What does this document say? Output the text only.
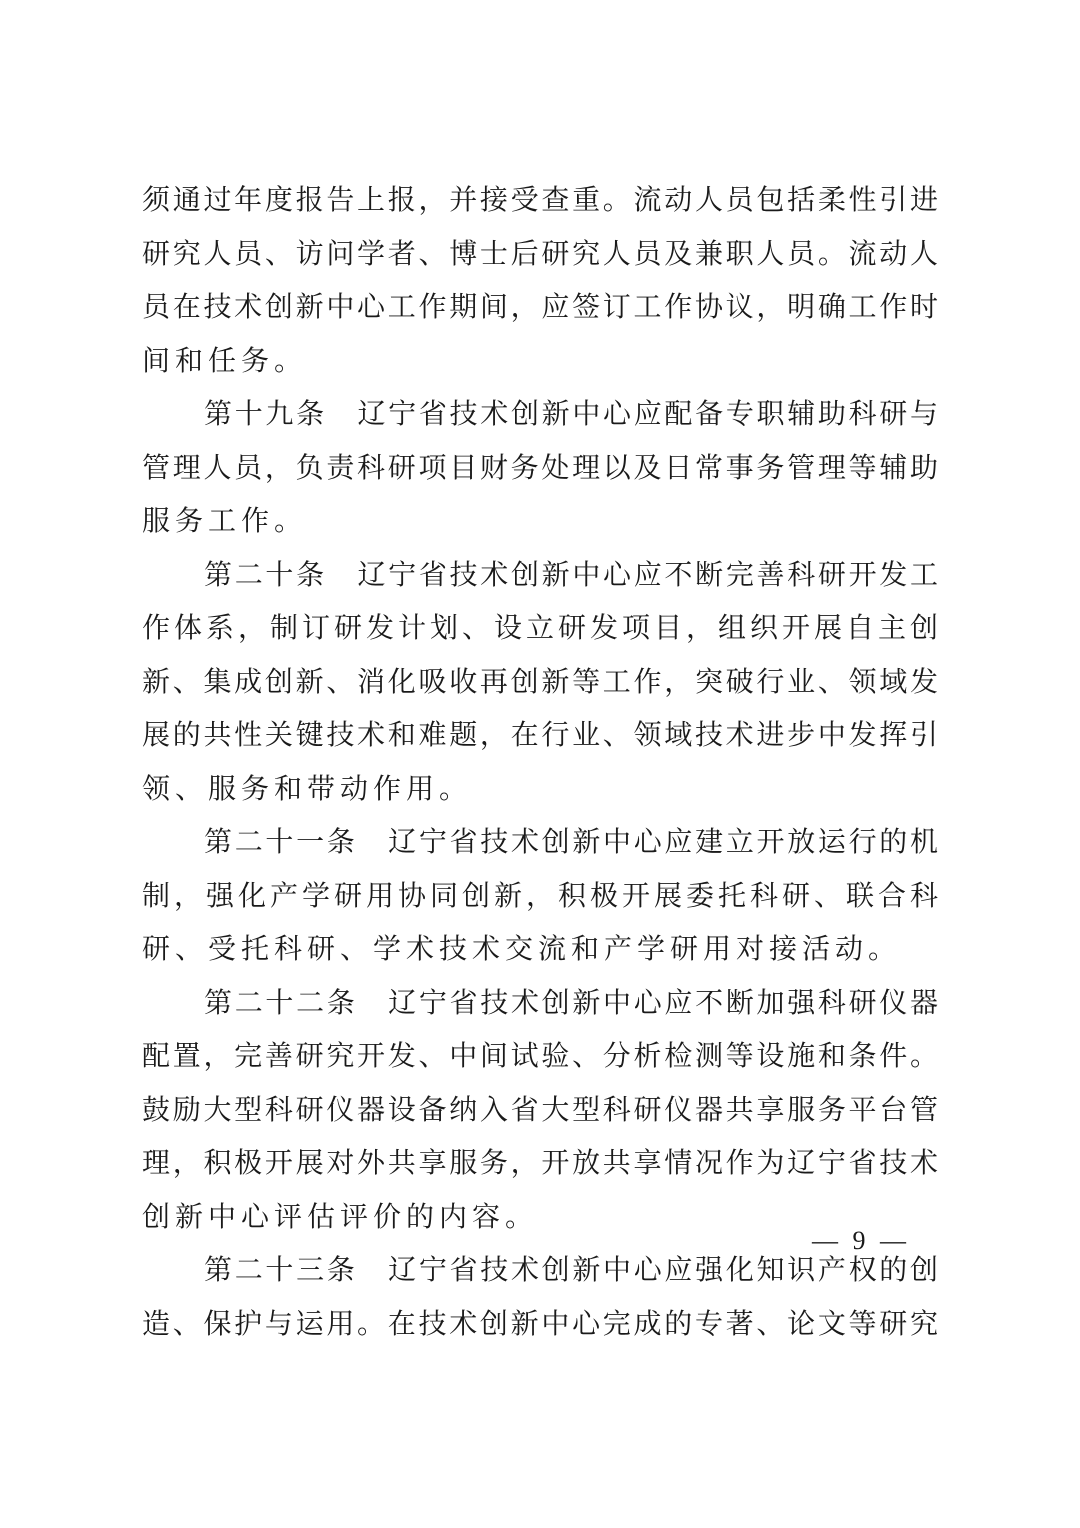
须通过年度报告上报，并接受查重。流动人员包括柔性引进
研究人员、访问学者、博士后研究人员及兼职人员。流动人
员在技术创新中心工作期间，应签订工作协议，明确工作时
间和任务。
第十九条　辽宁省技术创新中心应配备专职辅助科研与
管理人员，负责科研项目财务处理以及日常事务管理等辅助
服务工作。
第二十条　辽宁省技术创新中心应不断完善科研开发工
作体系，制订研发计划、设立研发项目，组织开展自主创
新、集成创新、消化吸收再创新等工作，突破行业、领域发
展的共性关键技术和难题，在行业、领域技术进步中发挥引
领、服务和带动作用。
第二十一条　辽宁省技术创新中心应建立开放运行的机
制，强化产学研用协同创新，积极开展委托科研、联合科
研、受托科研、学术技术交流和产学研用对接活动。
第二十二条　辽宁省技术创新中心应不断加强科研仪器
配置，完善研究开发、中间试验、分析检测等设施和条件。
鼓励大型科研仪器设备纳入省大型科研仪器共享服务平台管
理，积极开展对外共享服务，开放共享情况作为辽宁省技术
创新中心评估评价的内容。
第二十三条　辽宁省技术创新中心应强化知识产权的创
造、保护与运用。在技术创新中心完成的专著、论文等研究
— 9 —
